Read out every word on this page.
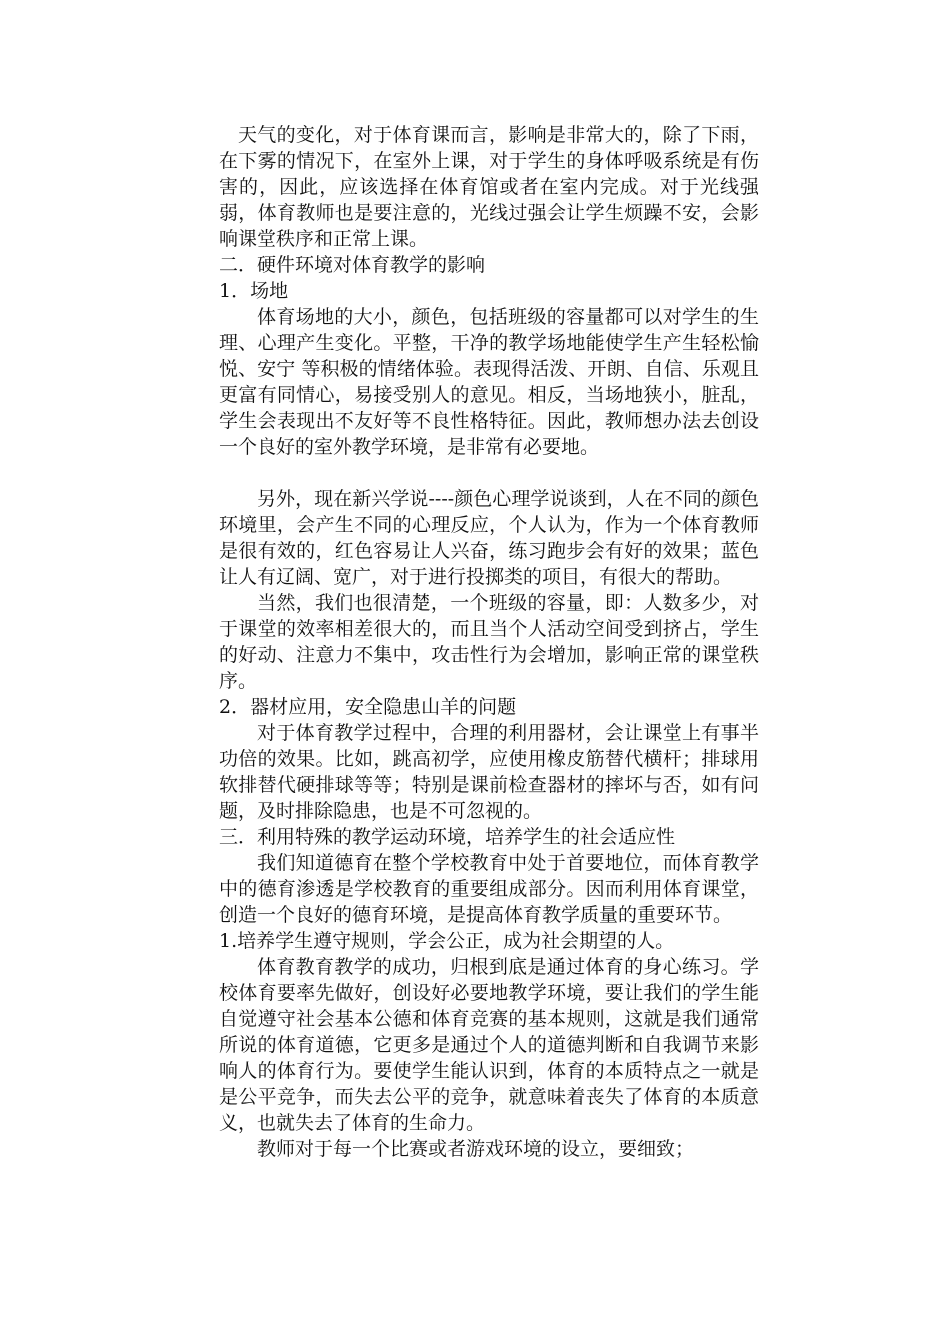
天气的变化，对于体育课而言，影响是非常大的，除了下雨，在下雾的情况下，在室外上课，对于学生的身体呼吸系统是有伤害的，因此，应该选择在体育馆或者在室内完成。对于光线强弱，体育教师也是要注意的，光线过强会让学生烦躁不安，会影响课堂秩序和正常上课。

二．硬件环境对体育教学的影响

1．场地

体育场地的大小，颜色，包括班级的容量都可以对学生的生理、心理产生变化。平整，干净的教学场地能使学生产生轻松愉悦、安宁 等积极的情绪体验。表现得活泼、开朗、自信、乐观且更富有同情心，易接受别人的意见。相反，当场地狭小，脏乱，学生会表现出不友好等不良性格特征。因此，教师想办法去创设一个良好的室外教学环境，是非常有必要地。

另外，现在新兴学说----颜色心理学说谈到，人在不同的颜色环境里，会产生不同的心理反应，个人认为，作为一个体育教师是很有效的，红色容易让人兴奋，练习跑步会有好的效果；蓝色让人有辽阔、宽广，对于进行投掷类的项目，有很大的帮助。

当然，我们也很清楚，一个班级的容量，即：人数多少，对于课堂的效率相差很大的，而且当个人活动空间受到挤占，学生的好动、注意力不集中，攻击性行为会增加，影响正常的课堂秩序。

2．器材应用，安全隐患山羊的问题

对于体育教学过程中，合理的利用器材，会让课堂上有事半功倍的效果。比如，跳高初学，应使用橡皮筋替代横杆；排球用软排替代硬排球等等；特别是课前检查器材的摔坏与否，如有问题，及时排除隐患，也是不可忽视的。

三．利用特殊的教学运动环境，培养学生的社会适应性

我们知道德育在整个学校教育中处于首要地位，而体育教学中的德育渗透是学校教育的重要组成部分。因而利用体育课堂，创造一个良好的德育环境，是提高体育教学质量的重要环节。

1.培养学生遵守规则，学会公正，成为社会期望的人。

体育教育教学的成功，归根到底是通过体育的身心练习。学校体育要率先做好，创设好必要地教学环境，要让我们的学生能自觉遵守社会基本公德和体育竞赛的基本规则，这就是我们通常所说的体育道德，它更多是通过个人的道德判断和自我调节来影响人的体育行为。要使学生能认识到，体育的本质特点之一就是是公平竞争，而失去公平的竞争，就意味着丧失了体育的本质意义，也就失去了体育的生命力。

教师对于每一个比赛或者游戏环境的设立，要细致；
